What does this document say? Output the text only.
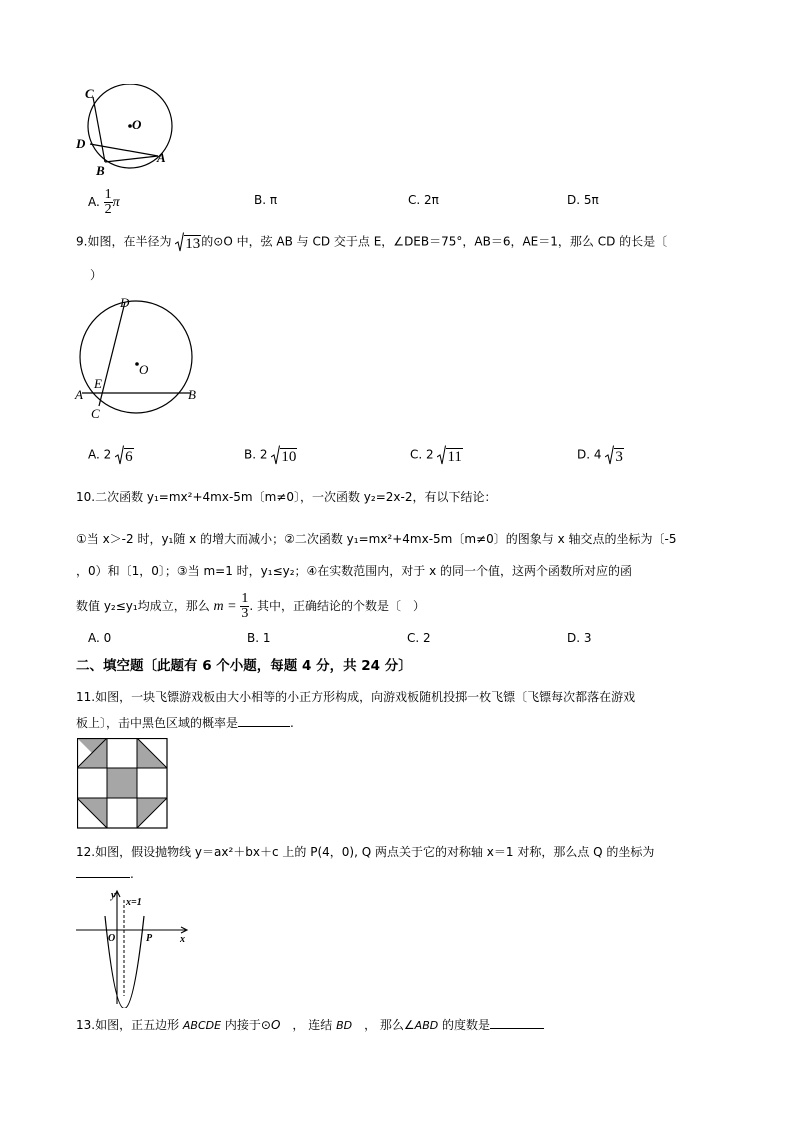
C
O
D
A
B
A. $\frac{1}{2}$ π	B. π	C. 2π	D. 5π
9.如图，在半径为 13 的⊙O 中，弦 AB 与 CD 交于点 E，∠DEB＝75°，AB＝6，AE＝1，那么 CD 的长是〔
）
D
O
E
A	B
C
A. 2 6	B. 2 10	C. 2 11	D. 4 3
10.二次函数 y₁=mx²+4mx-5m〔m≠0〕，一次函数 y₂=2x-2，有以下结论：
①当 x＞-2 时，y₁随 x 的增大而减小；②二次函数 y₁=mx²+4mx-5m〔m≠0〕的图象与 x 轴交点的坐标为〔-5
，0）和〔1，0〕；③当 m=1 时，y₁≤y₂；④在实数范围内，对于 x 的同一个值，这两个函数所对应的函
数值 y₂≤y₁均成立，那么 $m = \frac{1}{3}$ . 其中，正确结论的个数是〔　）
A. 0	B. 1	C. 2	D. 3
二、填空题〔此题有 6 个小题，每题 4 分，共 24 分〕
11.如图，一块飞镖游戏板由大小相等的小正方形构成，向游戏板随机投掷一枚飞镖〔飞镖每次都落在游戏
板上〕，击中黑色区域的概率是	.
12.如图，假设抛物线 y＝ax²＋bx＋c 上的 P(4，0), Q 两点关于它的对称轴 x＝1 对称，那么点 Q 的坐标为
.
y
x=1
O	P	x
13.如图，正五边形 ABCDE 内接于⊙O　， 连结 BD　， 那么∠ABD 的度数是
